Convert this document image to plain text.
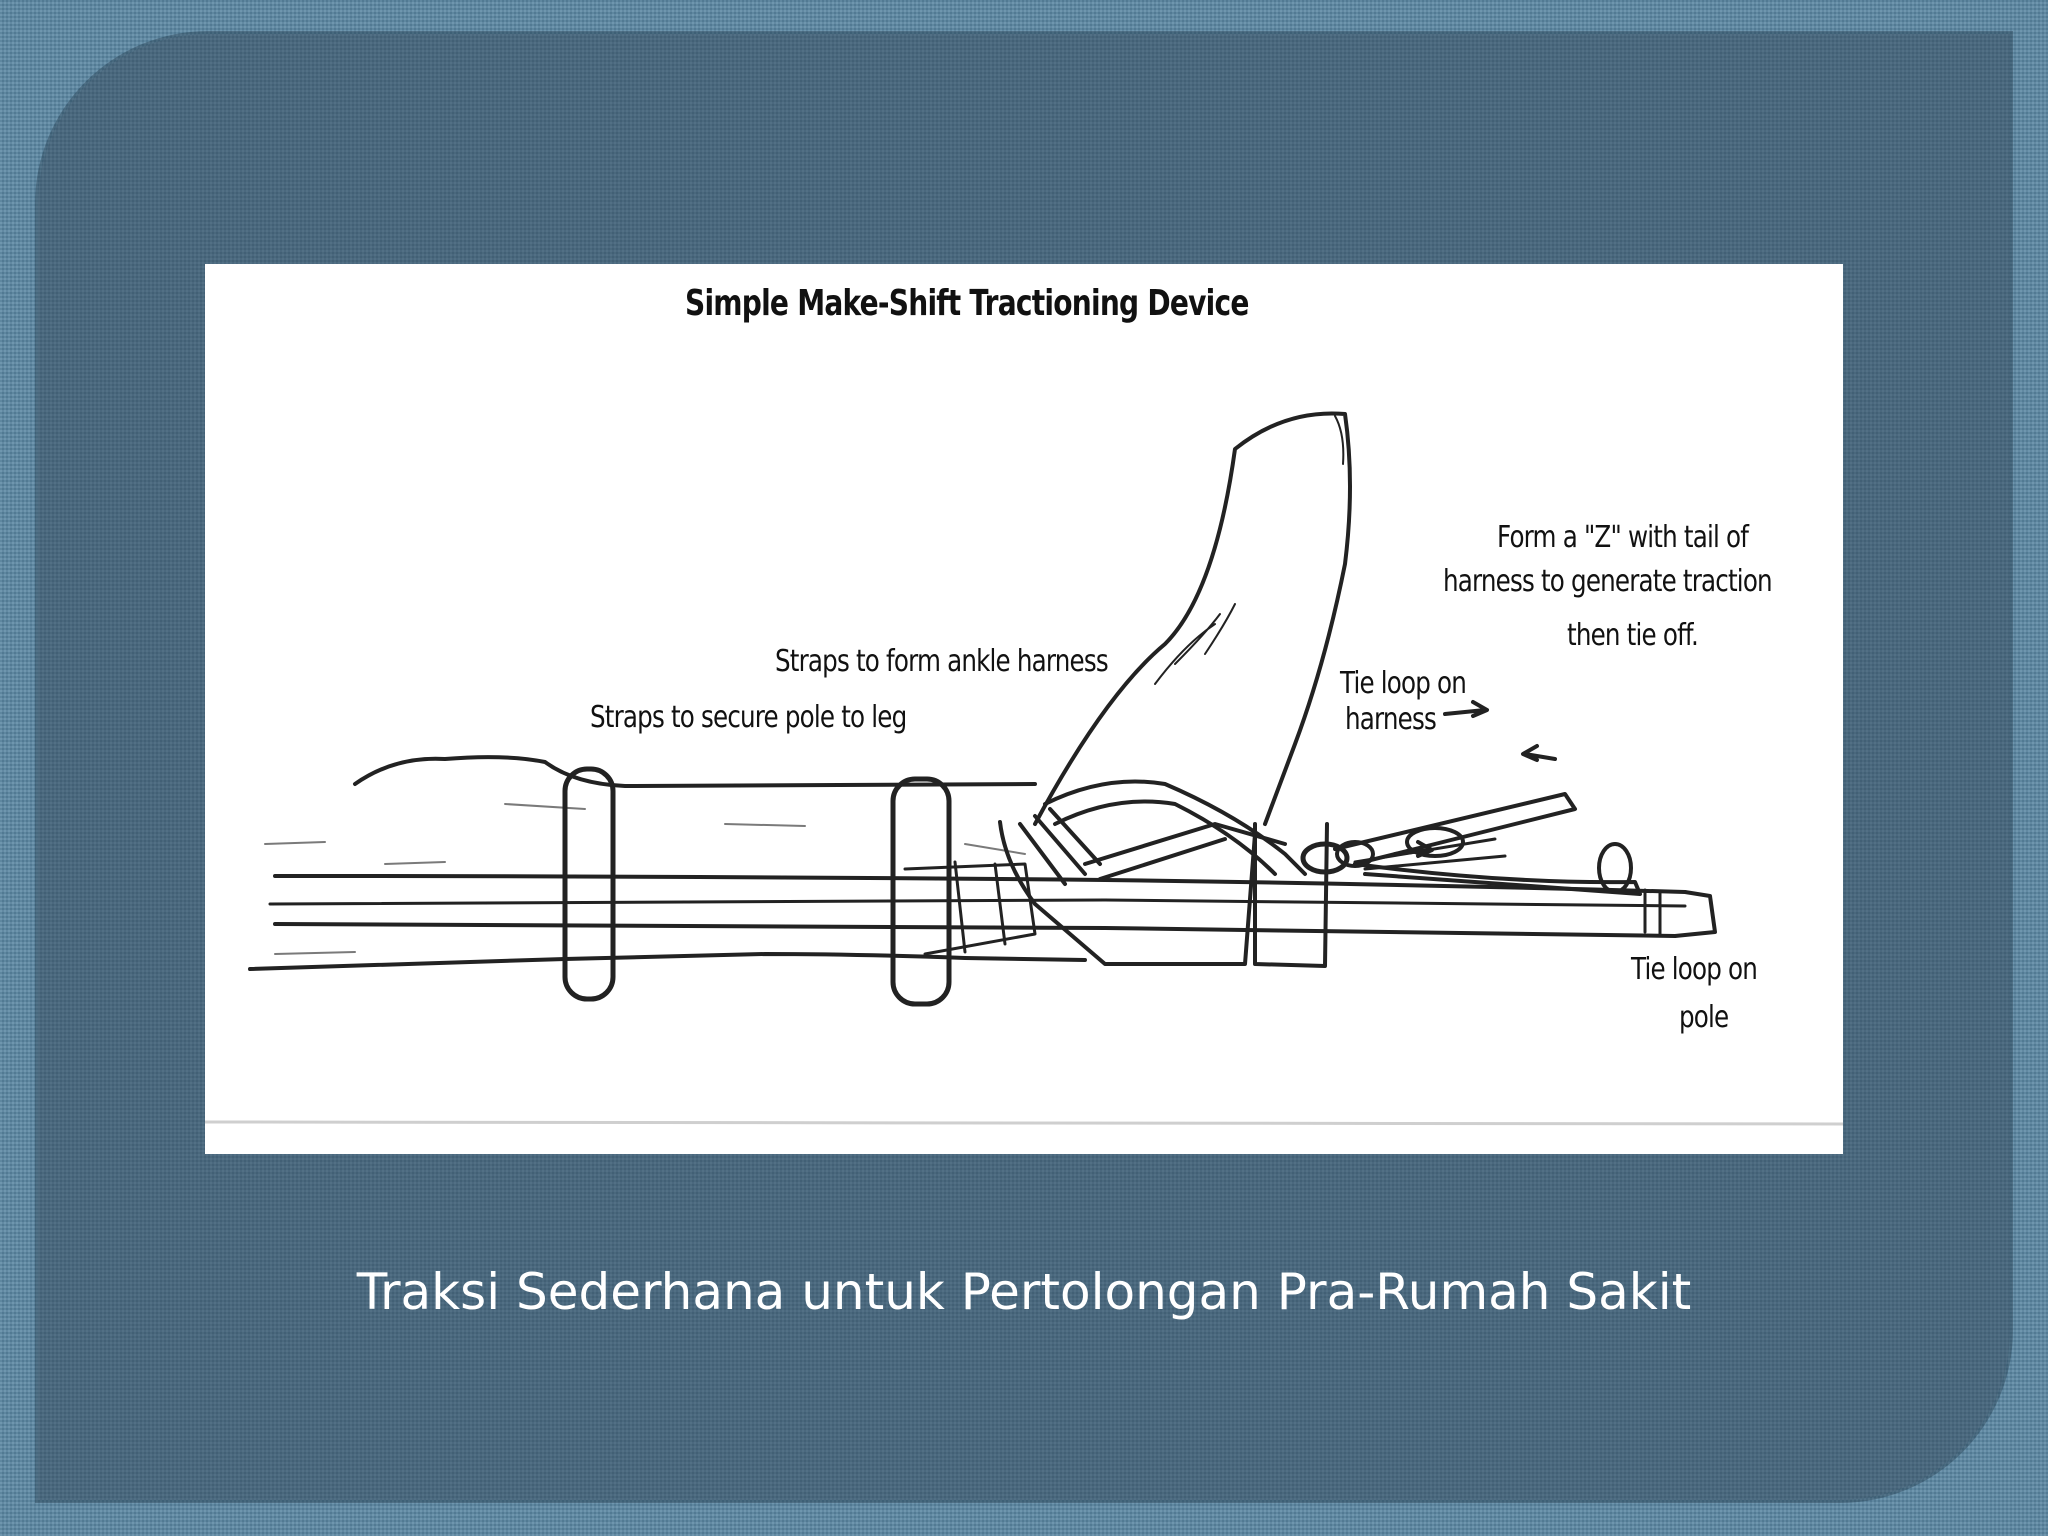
Simple Make-Shift Tractioning Device
Straps to form ankle harness
Straps to secure pole to leg
Tie loop on
harness
Form a "Z" with tail of
harness to generate traction
then tie off.
Tie loop on
pole
Traksi Sederhana untuk Pertolongan Pra-Rumah Sakit
